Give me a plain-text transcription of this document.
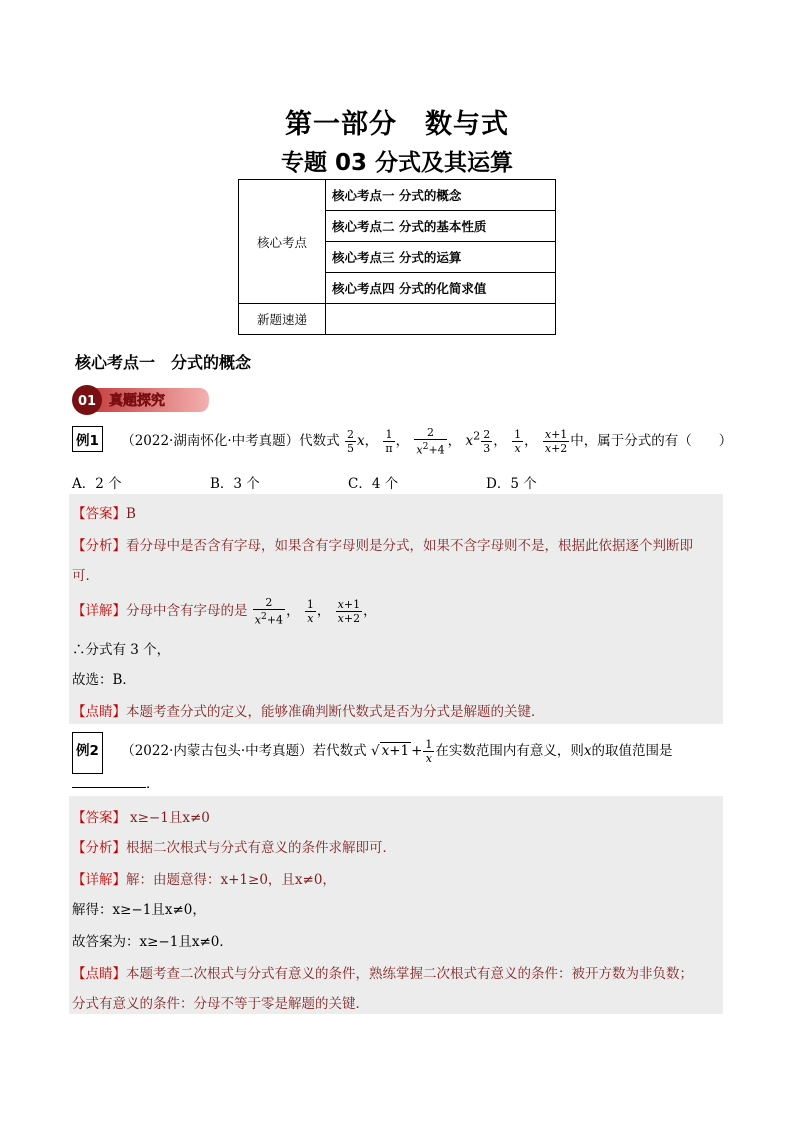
第一部分　数与式
专题 03 分式及其运算
核心考点	核心考点一 分式的概念
	核心考点二 分式的基本性质
	核心考点三 分式的运算
	核心考点四 分式的化简求值
新题速递	
核心考点一　分式的概念
01 真题探究
例1 （2022·湖南怀化·中考真题）代数式 $\frac{2}{5}$ x， $\frac{1}{\pi}$ ， $\frac{2}{x^2+4}$ ， $x^2 \frac{2}{3}$ ， $\frac{1}{x}$ ， $\frac{x+1}{x+2}$ 中，属于分式的有（　　）
A．2 个	B．3 个	C．4 个	D．5 个
【答案】B
【分析】看分母中是否含有字母，如果含有字母则是分式，如果不含字母则不是，根据此依据逐个判断即
可．
【详解】分母中含有字母的是 $\frac{2}{x^2+4}$ ， $\frac{1}{x}$ ， $\frac{x+1}{x+2}$ ，
∴分式有 3 个，
故选：B．
【点睛】本题考查分式的定义，能够准确判断代数式是否为分式是解题的关键．
例2 （2022·内蒙古包头·中考真题）若代数式 √ $x+1 + \frac{1}{x}$ 在实数范围内有意义，则x的取值范围是
．
【答案】 x≥−1且x≠0
【分析】根据二次根式与分式有意义的条件求解即可．
【详解】解：由题意得：x+1≥0，且x≠0，
解得：x≥−1且x≠0，
故答案为：x≥−1且x≠0．
【点睛】本题考查二次根式与分式有意义的条件，熟练掌握二次根式有意义的条件：被开方数为非负数；
分式有意义的条件：分母不等于零是解题的关键．
